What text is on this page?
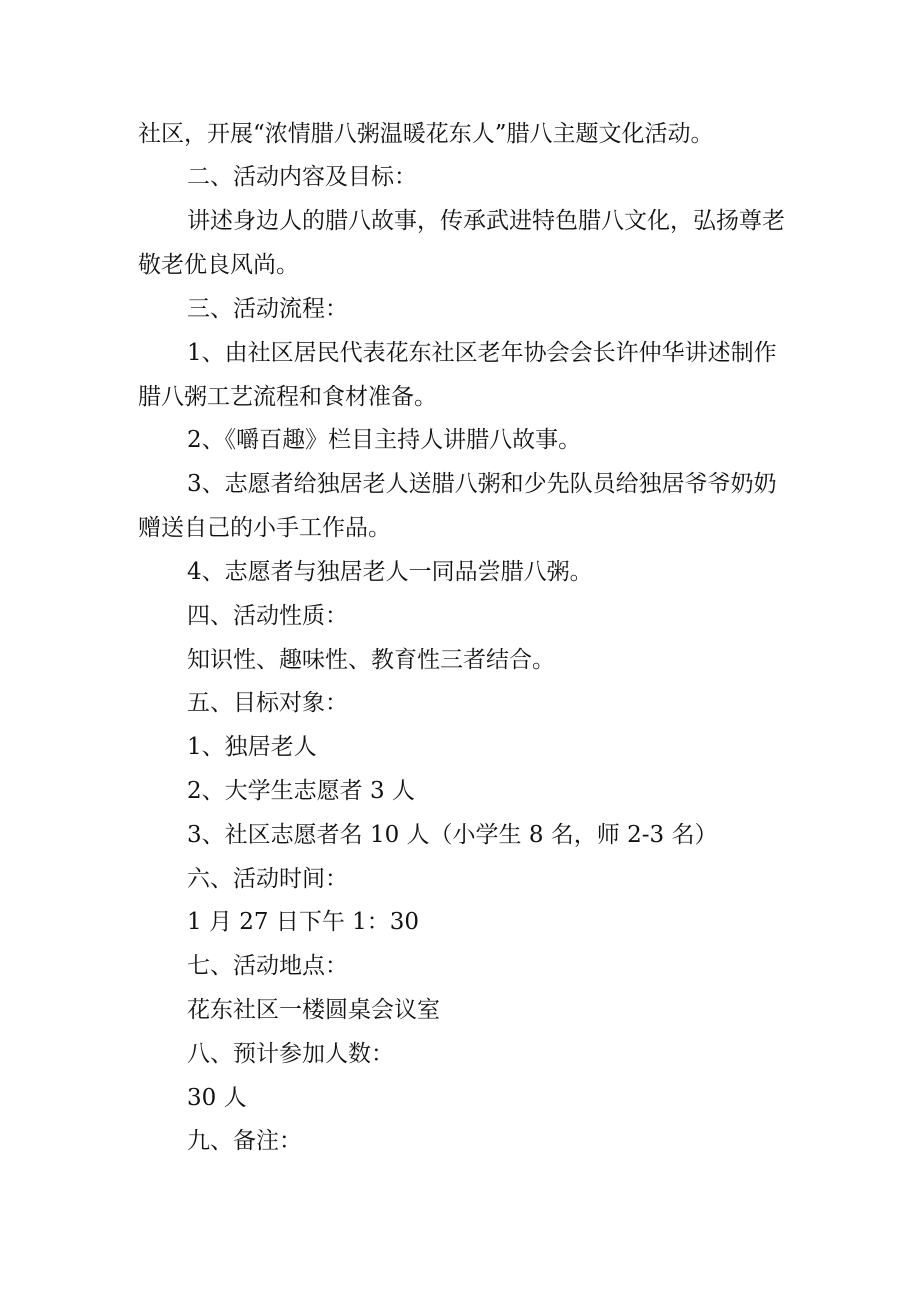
社区，开展“浓情腊八粥温暖花东人”腊八主题文化活动。
二、活动内容及目标：
讲述身边人的腊八故事，传承武进特色腊八文化，弘扬尊老
敬老优良风尚。
三、活动流程：
1、由社区居民代表花东社区老年协会会长许仲华讲述制作
腊八粥工艺流程和食材准备。
2、《嚼百趣》栏目主持人讲腊八故事。
3、志愿者给独居老人送腊八粥和少先队员给独居爷爷奶奶
赠送自己的小手工作品。
4、志愿者与独居老人一同品尝腊八粥。
四、活动性质：
知识性、趣味性、教育性三者结合。
五、目标对象：
1、独居老人
2、大学生志愿者 3 人
3、社区志愿者名 10 人（小学生 8 名，师 2-3 名）
六、活动时间：
1 月 27 日下午 1：30
七、活动地点：
花东社区一楼圆桌会议室
八、预计参加人数：
30 人
九、备注：
